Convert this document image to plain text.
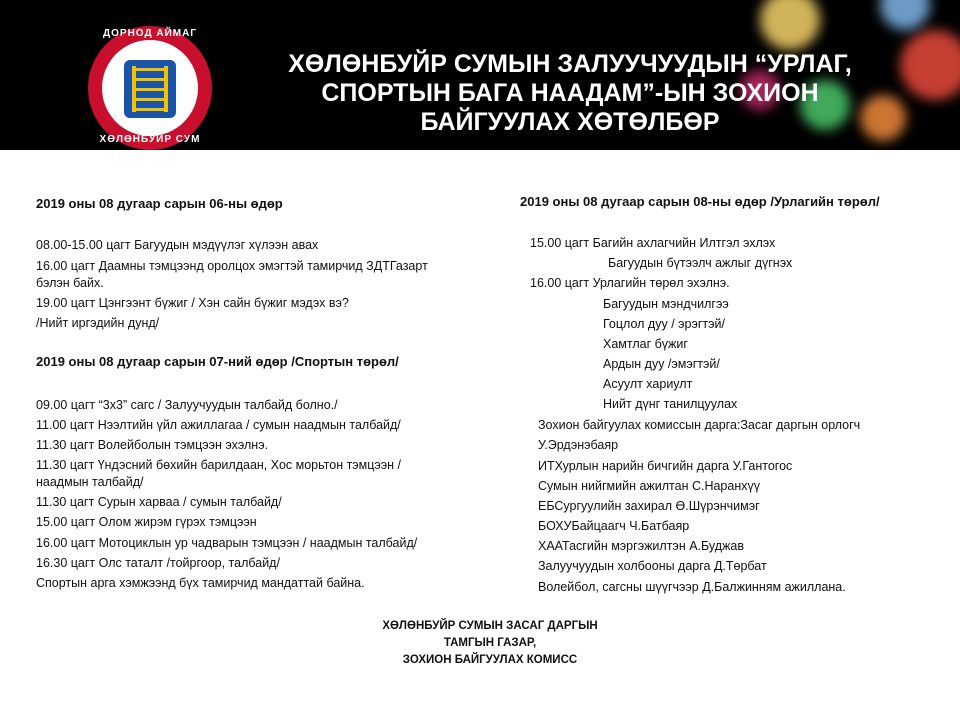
ДОРНОД АЙМАГ
ХӨЛӨНБУЙР СУМ
ХӨЛӨНБУЙР СУМЫН ЗАЛУУЧУУДЫН “УРЛАГ,
СПОРТЫН БАГА НААДАМ”-ЫН ЗОХИОН
БАЙГУУЛАХ ХӨТӨЛБӨР
2019 оны 08 дугаар сарын 06-ны өдөр
08.00-15.00 цагт Багуудын мэдүүлэг хүлээн авах
16.00 цагт Даамны тэмцээнд оролцох эмэгтэй тамирчид ЗДТГазарт
бэлэн байх.
19.00 цагт Цэнгээнт бүжиг / Хэн сайн бүжиг мэдэх вэ?
/Нийт иргэдийн дунд/
2019 оны 08 дугаар сарын 07-ний өдөр /Спортын төрөл/
09.00 цагт “3х3” сагс / Залуучуудын талбайд болно./
11.00 цагт Нээлтийн үйл ажиллагаа / сумын наадмын талбайд/
11.30 цагт Волейболын тэмцээн эхэлнэ.
11.30 цагт Үндэсний бөхийн барилдаан, Хос морьтон тэмцээн /
наадмын талбайд/
11.30 цагт Сурын харваа / сумын талбайд/
15.00 цагт Олом жирэм гүрэх тэмцээн
16.00 цагт Мотоциклын ур чадварын тэмцээн / наадмын талбайд/
16.30 цагт Олс таталт /тойргоор, талбайд/
Спортын арга хэмжээнд бүх тамирчид мандаттай байна.
2019 оны 08 дугаар сарын 08-ны өдөр /Урлагийн төрөл/
15.00 цагт Багийн ахлагчийн Илтгэл эхлэх
Багуудын бүтээлч ажлыг дүгнэх
16.00 цагт Урлагийн төрөл эхэлнэ.
Багуудын мэндчилгээ
Гоцлол дуу / эрэгтэй/
Хамтлаг бүжиг
Ардын дуу /эмэгтэй/
Асуулт хариулт
Нийт дүнг танилцуулах
Зохион байгуулах комиссын дарга:Засаг даргын орлогч
У.Эрдэнэбаяр
ИТХурлын нарийн бичгийн дарга У.Гантогос
Сумын нийгмийн ажилтан С.Наранхүү
ЕБСургуулийн захирал Ө.Шүрэнчимэг
БОХУБайцаагч Ч.Батбаяр
ХААТасгийн мэргэжилтэн А.Буджав
Залуучуудын холбооны дарга Д.Төрбат
Волейбол, сагсны шүүгчээр Д.Балжинням ажиллана.
ХӨЛӨНБУЙР СУМЫН ЗАСАГ ДАРГЫН
ТАМГЫН ГАЗАР,
ЗОХИОН БАЙГУУЛАХ КОМИСС
